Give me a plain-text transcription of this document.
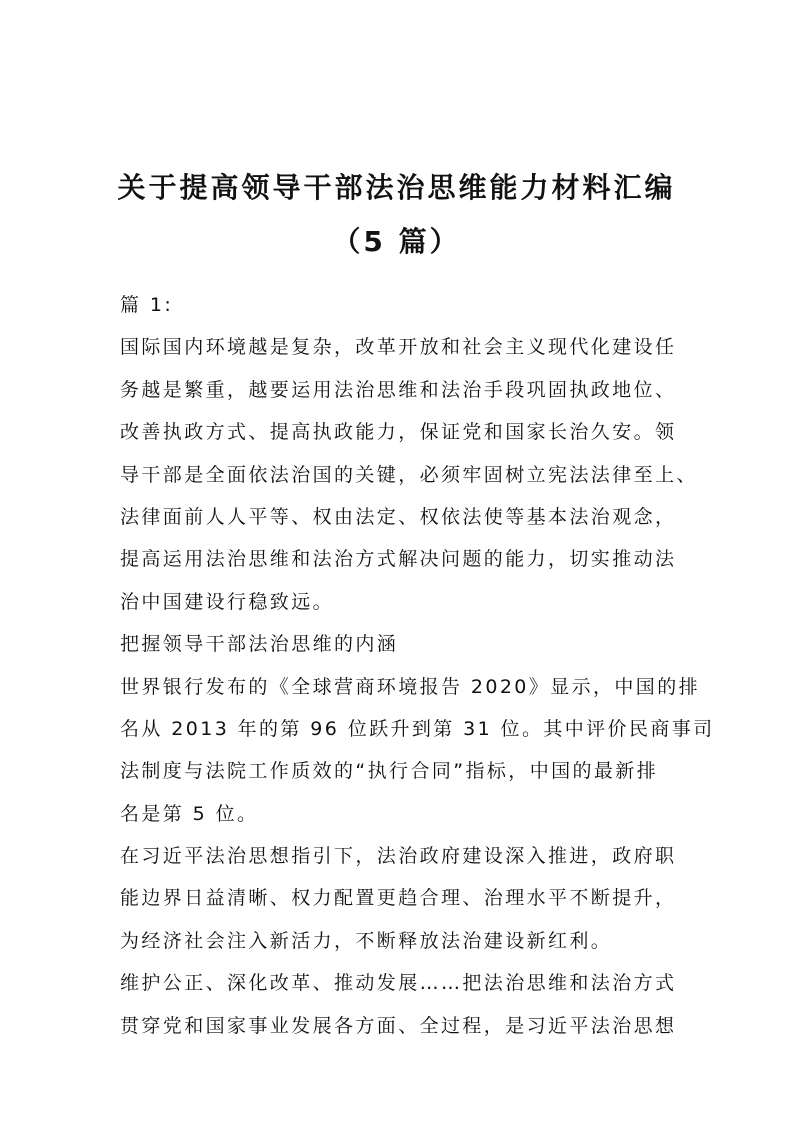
关于提高领导干部法治思维能力材料汇编
（5 篇）
篇 1:
国际国内环境越是复杂，改革开放和社会主义现代化建设任
务越是繁重，越要运用法治思维和法治手段巩固执政地位、
改善执政方式、提高执政能力，保证党和国家长治久安。领
导干部是全面依法治国的关键，必须牢固树立宪法法律至上、
法律面前人人平等、权由法定、权依法使等基本法治观念，
提高运用法治思维和法治方式解决问题的能力，切实推动法
治中国建设行稳致远。
把握领导干部法治思维的内涵
世界银行发布的《全球营商环境报告 2020》显示，中国的排
名从 2013 年的第 96 位跃升到第 31 位。其中评价民商事司
法制度与法院工作质效的“执行合同”指标，中国的最新排
名是第 5 位。
在习近平法治思想指引下，法治政府建设深入推进，政府职
能边界日益清晰、权力配置更趋合理、治理水平不断提升，
为经济社会注入新活力，不断释放法治建设新红利。
维护公正、深化改革、推动发展……把法治思维和法治方式
贯穿党和国家事业发展各方面、全过程，是习近平法治思想
